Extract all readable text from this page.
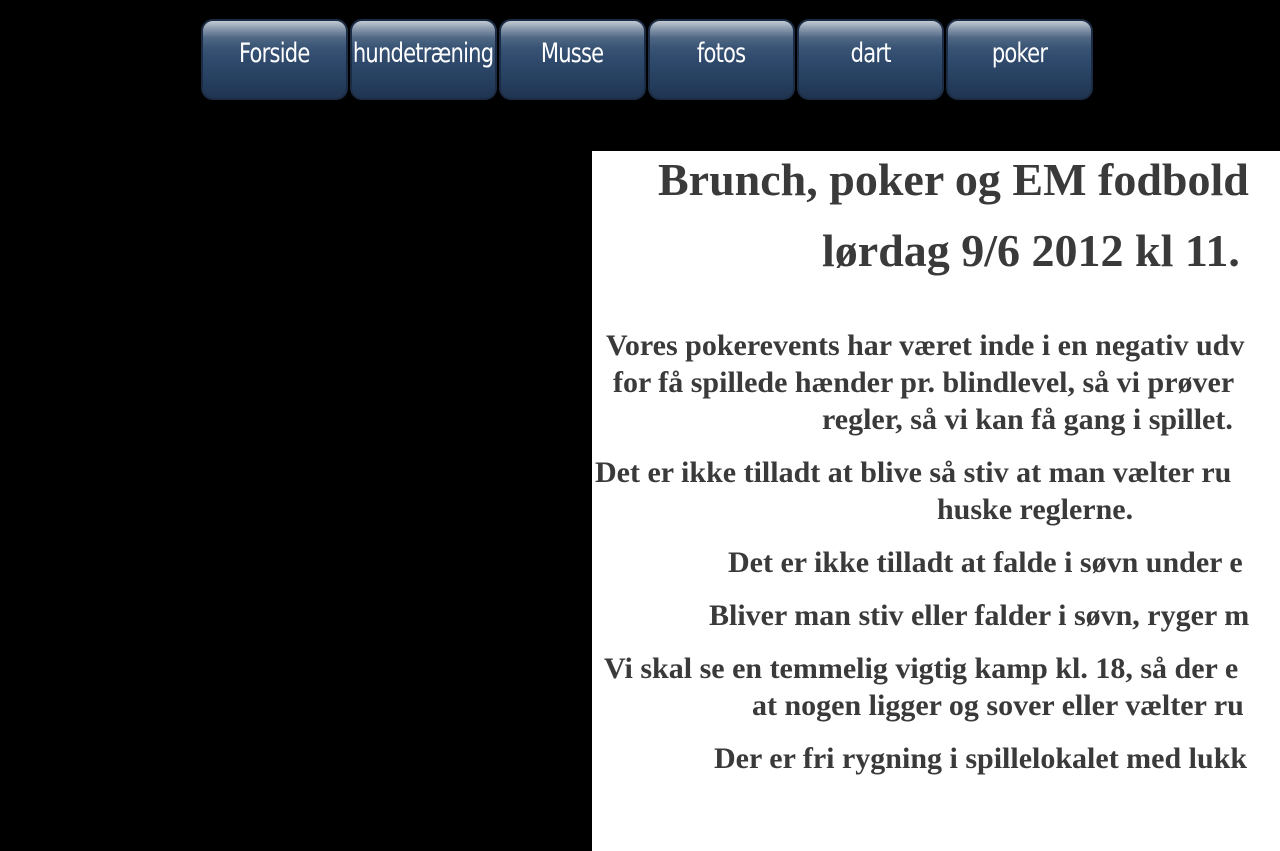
Forside hundetræning Musse	fotos	dart	poker
Brunch, poker og EM fodbold
lørdag 9/6 2012 kl 11.

Vores pokerevents har været inde i en negativ udv

for få spillede hænder pr. blindlevel, så vi prøver

regler, så vi kan få gang i spillet.

Det er ikke tilladt at blive så stiv at man vælter ru

huske reglerne.

Det er ikke tilladt at falde i søvn under e

Bliver man stiv eller falder i søvn, ryger m

Vi skal se en temmelig vigtig kamp kl. 18, så der e

at nogen ligger og sover eller vælter ru

Der er fri rygning i spillelokalet med lukk
